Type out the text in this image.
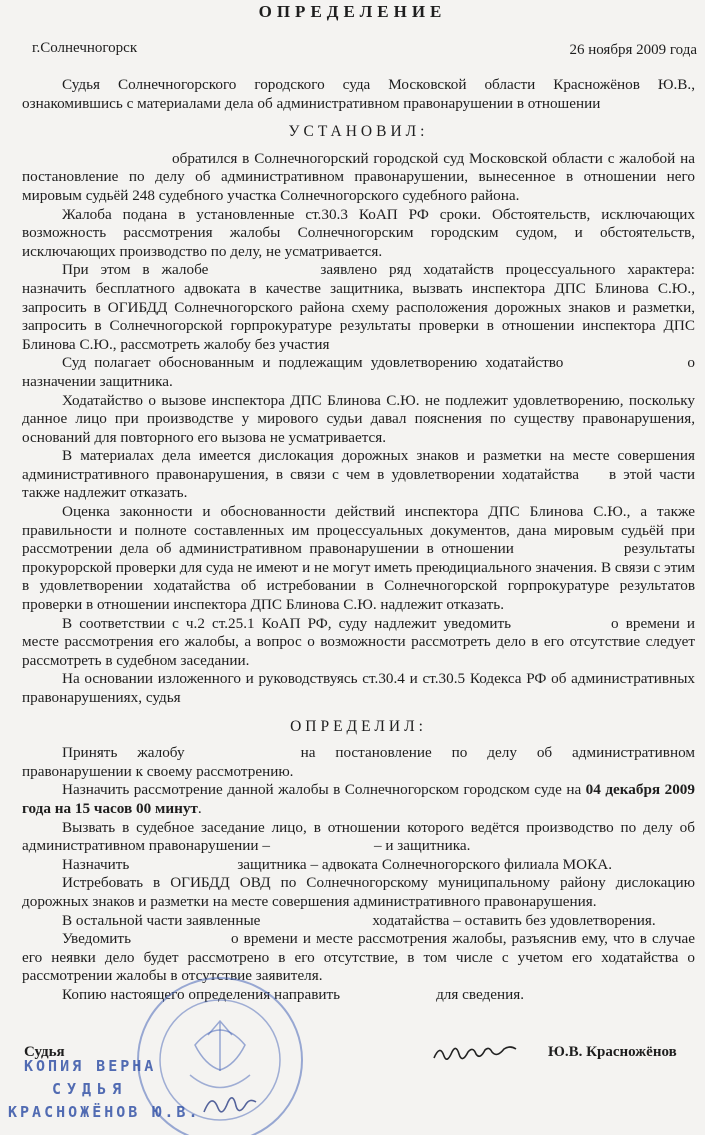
ОПРЕДЕЛЕНИЕ
г.Солнечногорск	26 ноября 2009 года

Судья Солнечногорского городского суда Московской области Красножёнов Ю.В., ознакомившись с материалами дела об административном правонарушении в отношении

УСТАНОВИЛ:

обратился в Солнечногорский городской суд Московской области с жалобой на постановление по делу об административном правонарушении, вынесенное в отношении него мировым судьёй 248 судебного участка Солнечногорского судебного района.

Жалоба подана в установленные ст.30.3 КоАП РФ сроки. Обстоятельств, исключающих возможность рассмотрения жалобы Солнечногорским городским судом, и обстоятельств, исключающих производство по делу, не усматривается.

При этом в жалобе	заявлено ряд ходатайств процессуального характера: назначить бесплатного адвоката в качестве защитника, вызвать инспектора ДПС Блинова С.Ю., запросить в ОГИБДД Солнечногорского района схему расположения дорожных знаков и разметки, запросить в Солнечногорской горпрокуратуре результаты проверки в отношении инспектора ДПС Блинова С.Ю., рассмотреть жалобу без участия

Суд полагает обоснованным и подлежащим удовлетворению ходатайство	о назначении защитника.

Ходатайство о вызове инспектора ДПС Блинова С.Ю. не подлежит удовлетворению, поскольку данное лицо при производстве у мирового судьи давал пояснения по существу правонарушения, оснований для повторного его вызова не усматривается.

В материалах дела имеется дислокация дорожных знаков и разметки на месте совершения административного правонарушения, в связи с чем в удовлетворении ходатайства в этой части также надлежит отказать.

Оценка законности и обоснованности действий инспектора ДПС Блинова С.Ю., а также правильности и полноте составленных им процессуальных документов, дана мировым судьёй при рассмотрении дела об административном правонарушении в отношении	результаты прокурорской проверки для суда не имеют и не могут иметь преюдициального значения. В связи с этим в удовлетворении ходатайства об истребовании в Солнечногорской горпрокуратуре результатов проверки в отношении инспектора ДПС Блинова С.Ю. надлежит отказать.

В соответствии с ч.2 ст.25.1 КоАП РФ, суду надлежит уведомить	о времени и месте рассмотрения его жалобы, а вопрос о возможности рассмотреть дело в его отсутствие следует рассмотреть в судебном заседании.

На основании изложенного и руководствуясь ст.30.4 и ст.30.5 Кодекса РФ об административных правонарушениях, судья

ОПРЕДЕЛИЛ:

Принять жалобу	на постановление по делу об административном правонарушении к своему рассмотрению.

Назначить рассмотрение данной жалобы в Солнечногорском городском суде на 04 декабря 2009 года на 15 часов 00 минут.

Вызвать в судебное заседание лицо, в отношении которого ведётся производство по делу об административном правонарушении –	– и защитника.

Назначить	защитника – адвоката Солнечногорского филиала МОКА.

Истребовать в ОГИБДД ОВД по Солнечногорскому муниципальному району дислокацию дорожных знаков и разметки на месте совершения административного правонарушения.

В остальной части заявленные	ходатайства – оставить без удовлетворения.

Уведомить	о времени и месте рассмотрения жалобы, разъяснив ему, что в случае его неявки дело будет рассмотрено в его отсутствие, в том числе с учетом его ходатайства о рассмотрении жалобы в отсутствие заявителя.

Копию настоящего определения направить	для сведения.

Судья	Ю.В. Красножёнов
КОПИЯ ВЕРНА
СУДЬЯ
КРАСНОЖЁНОВ Ю.В.
